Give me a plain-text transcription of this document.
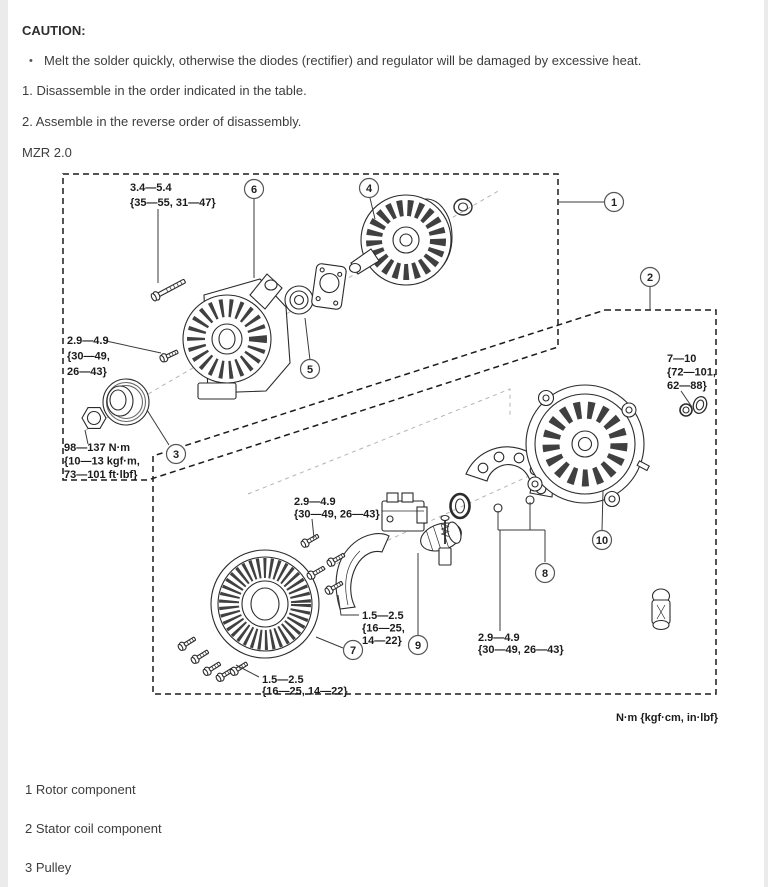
CAUTION:

• Melt the solder quickly, otherwise the diodes (rectifier) and regulator will be damaged by excessive heat.

1. Disassemble in the order indicated in the table.

2. Assemble in the reverse order of disassembly.

MZR 2.0

3.4—5.4 {35—55, 31—47}
2.9—4.9 {30—49, 26—43}
98—137 N·m {10—13 kgf·m, 73—101 ft·lbf}
7—10 {72—101, 62—88}
2.9—4.9 {30—49, 26—43}
1.5—2.5 {16—25, 14—22}	2.9—4.9 {30—49, 26—43}
1.5—2.5 {16—25, 14—22}
1
2
3
4
5
6
7
8
9
10
N·m {kgf·cm, in·lbf}
1 Rotor component
2 Stator coil component
3 Pulley
